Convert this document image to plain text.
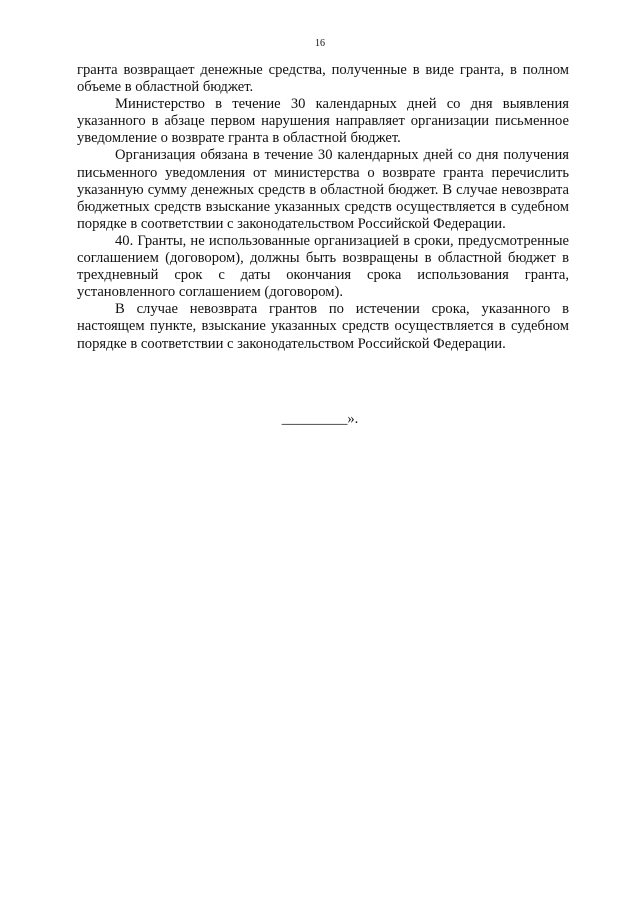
16

гранта возвращает денежные средства, полученные в виде гранта, в полном объеме в областной бюджет.

Министерство в течение 30 календарных дней со дня выявления указанного в абзаце первом нарушения направляет организации письменное уведомление о возврате гранта в областной бюджет.

Организация обязана в течение 30 календарных дней со дня получения письменного уведомления от министерства о возврате гранта перечислить указанную сумму денежных средств в областной бюджет. В случае невозврата бюджетных средств взыскание указанных средств осуществляется в судебном порядке в соответствии с законодательством Российской Федерации.

40. Гранты, не использованные организацией в сроки, предусмотренные соглашением (договором), должны быть возвращены в областной бюджет в трехдневный срок с даты окончания срока использования гранта, установленного соглашением (договором).

В случае невозврата грантов по истечении срока, указанного в настоящем пункте, взыскание указанных средств осуществляется в судебном порядке в соответствии с законодательством Российской Федерации.

_________».
